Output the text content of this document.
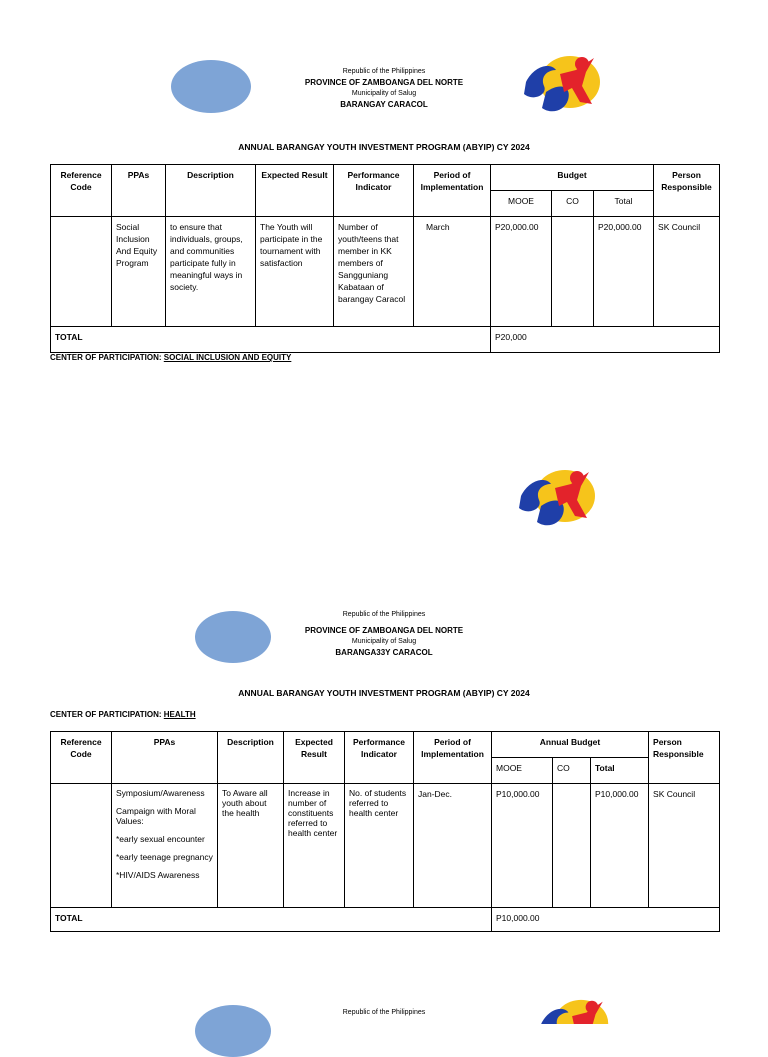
Republic of the Philippines
PROVINCE OF ZAMBOANGA DEL NORTE
Municipality of Salug
BARANGAY CARACOL
ANNUAL BARANGAY YOUTH INVESTMENT PROGRAM (ABYIP) CY 2024
Reference Code	PPAs	Description	Expected Result	Performance Indicator	Period of Implementation	Budget			Person Responsible
						MOOE	CO	Total	
	Social Inclusion And Equity Program	to ensure that individuals, groups, and communities participate fully in meaningful ways in society.	The Youth will participate in the tournament with satisfaction	Number of youth/teens that member in KK members of Sangguniang Kabataan of barangay Caracol	March	P20,000.00		P20,000.00	SK Council
TOTAL						P20,000			
CENTER OF PARTICIPATION: SOCIAL INCLUSION AND EQUITY
Republic of the Philippines
PROVINCE OF ZAMBOANGA DEL NORTE
Municipality of Salug
BARANGA33Y CARACOL
ANNUAL BARANGAY YOUTH INVESTMENT PROGRAM (ABYIP) CY 2024
CENTER OF PARTICIPATION: HEALTH
Reference Code	PPAs	Description	Expected Result	Performance Indicator	Period of Implementation	Annual Budget			Person Responsible
						MOOE	CO	Total	

	Symposium/Awareness

Campaign with Moral Values:

*early sexual encounter

*early teenage pregnancy

*HIV/AIDS Awareness	To Aware all youth about the health	Increase in number of constituents referred to health center	No. of students referred to health center	Jan-Dec.	P10,000.00		P10,000.00	SK Council
TOTAL						P10,000.00			
Republic of the Philippines
